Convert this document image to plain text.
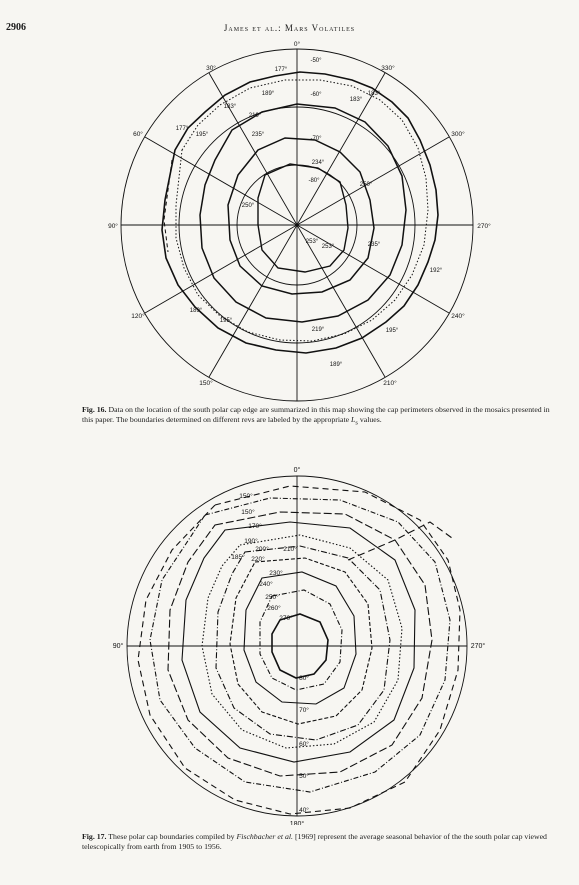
2906	James et al.: Mars Volatiles
0°
30°
60°
90°
120°
150°	210°
240°
270°
300°
330°
-50°
-60°
-70°
-80°
177°
189°
183°
183°
183°
177°
195°
219°
235°
234°
250°
250°
235°
253°
253°
192°
189°
195°
219°	195°
189°
Fig. 16. Data on the location of the south polar cap edge are summarized in this map showing the cap perimeters observed in the mosaics presented in this paper. The boundaries determined on different revs are labeled by the appropriate $L_s$ values.
0°
90°
180°
270°
40°
50°
60°
70°
80°
150°
150°
170°
190°
185°
200° 210°
220°
230°
240°
250°
260°
270°
Fig. 17. These polar cap boundaries compiled by Fischbacher et al. [1969] represent the average seasonal behavior of the the south polar cap viewed telescopically from earth from 1905 to 1956.
